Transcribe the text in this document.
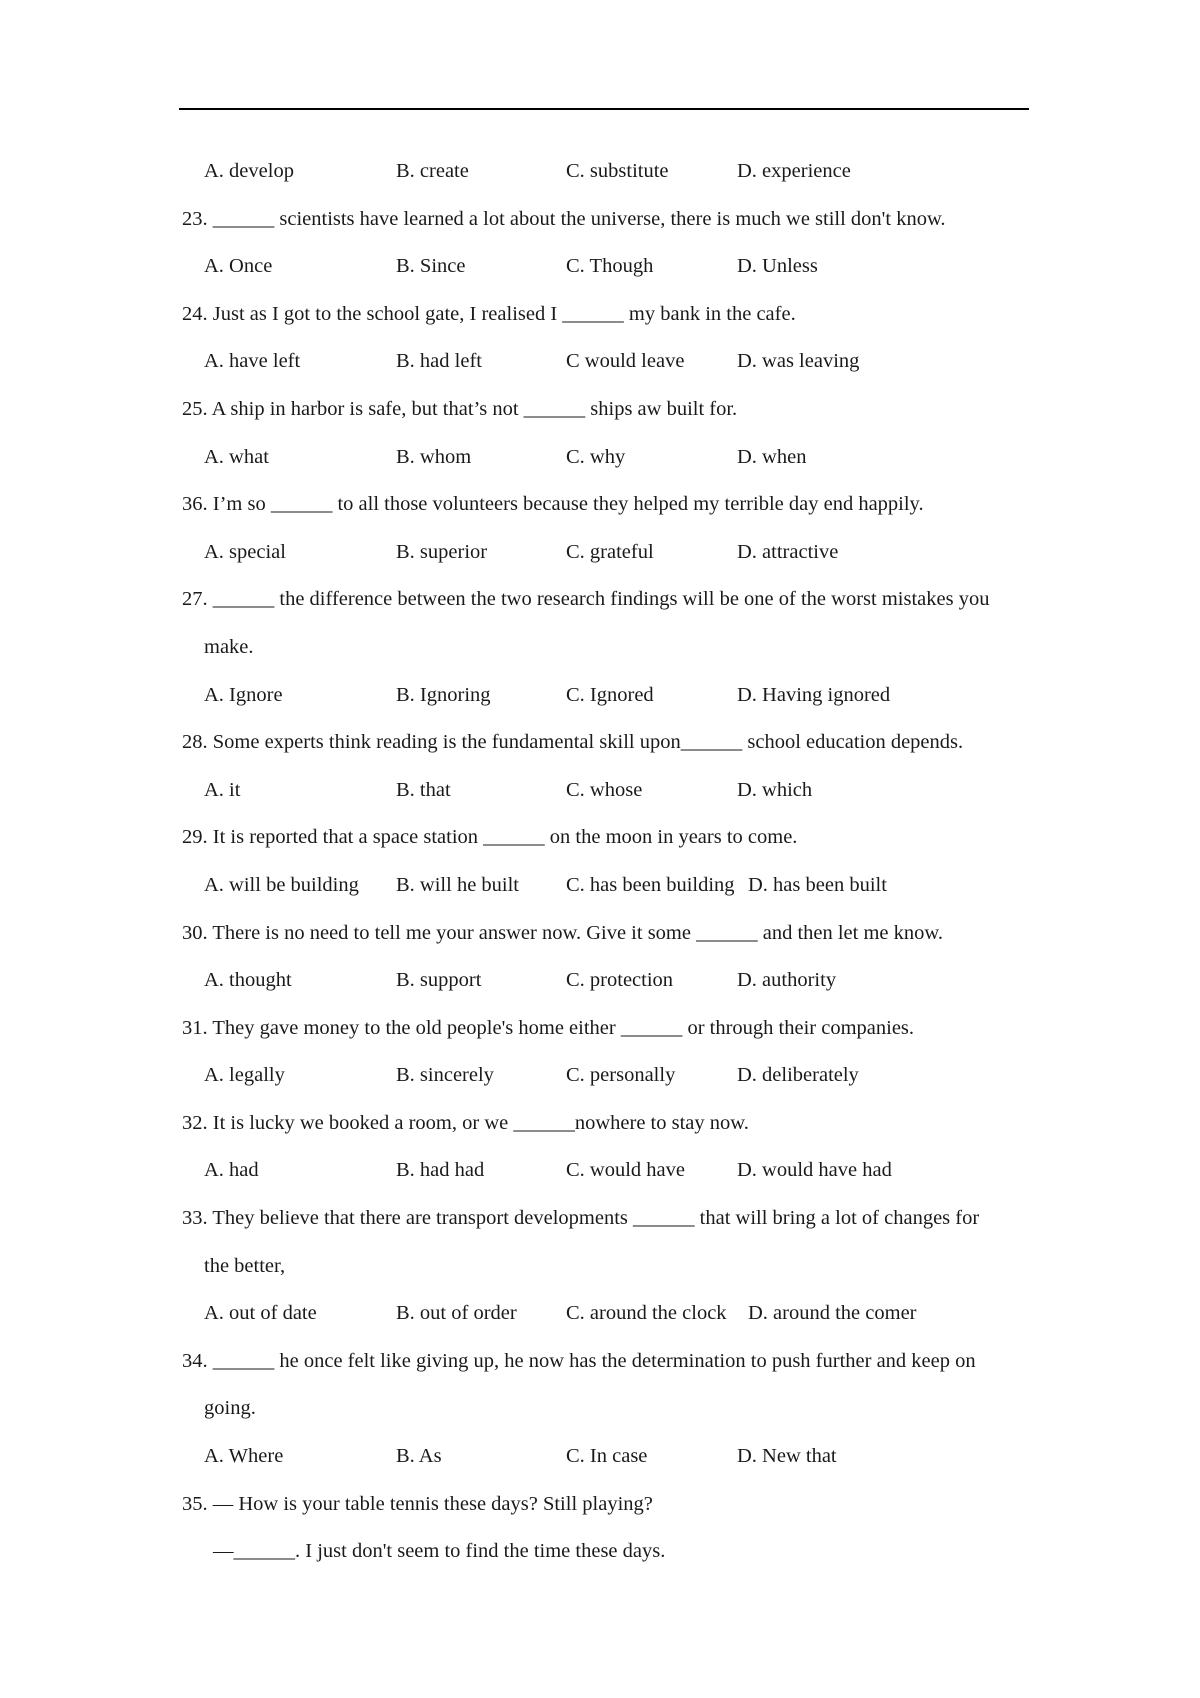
A. develop	B. create	C. substitute	D. experience
23. ______ scientists have learned a lot about the universe, there is much we still don't know.
A. Once	B. Since	C. Though	D. Unless
24. Just as I got to the school gate, I realised I ______ my bank in the cafe.
A. have left	B. had left	C would leave	D. was leaving
25. A ship in harbor is safe, but that’s not ______ ships aw built for.
A. what	B. whom	C. why	D. when
36. I’m so ______ to all those volunteers because they helped my terrible day end happily.
A. special	B. superior	C. grateful	D. attractive
27. ______ the difference between the two research findings will be one of the worst mistakes you
make.
A. Ignore	B. Ignoring	C. Ignored	D. Having ignored
28. Some experts think reading is the fundamental skill upon______ school education depends.
A. it	B. that	C. whose	D. which
29. It is reported that a space station ______ on the moon in years to come.
A. will be building B. will he built C. has been building D. has been built
30. There is no need to tell me your answer now. Give it some ______ and then let me know.
A. thought	B. support	C. protection	D. authority
31. They gave money to the old people's home either ______ or through their companies.
A. legally	B. sincerely	C. personally	D. deliberately
32. It is lucky we booked a room, or we ______nowhere to stay now.
A. had	B. had had	C. would have	D. would have had
33. They believe that there are transport developments ______ that will bring a lot of changes for
the better,
A. out of date	B. out of order C. around the clock D. around the comer
34. ______ he once felt like giving up, he now has the determination to push further and keep on
going.
A. Where	B. As	C. In case	D. New that
35. — How is your table tennis these days? Still playing?
—______. I just don't seem to find the time these days.
